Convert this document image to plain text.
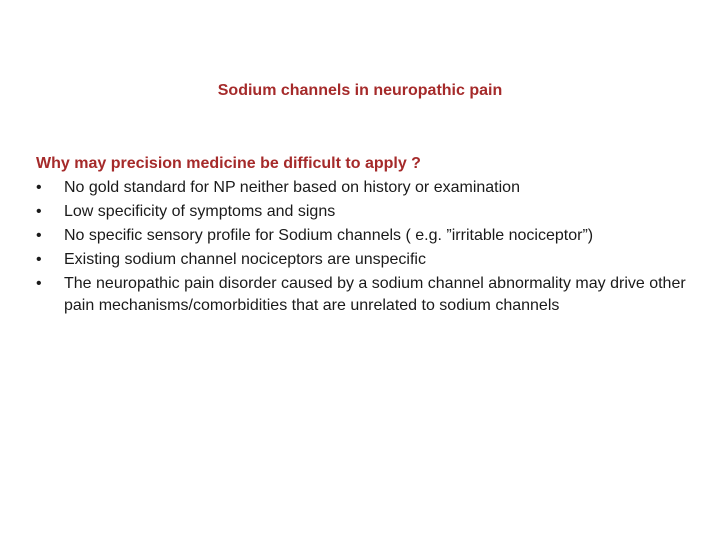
Sodium channels in neuropathic pain
Why may precision medicine be difficult to apply ?
•	No gold standard for NP neither based on history or examination
•	Low specificity of symptoms and signs
•	No specific sensory profile for Sodium channels ( e.g. ”irritable nociceptor”)
•	Existing sodium channel nociceptors are unspecific
•	The neuropathic pain disorder caused by a sodium channel abnormality may drive other pain mechanisms/comorbidities that are unrelated to sodium channels
